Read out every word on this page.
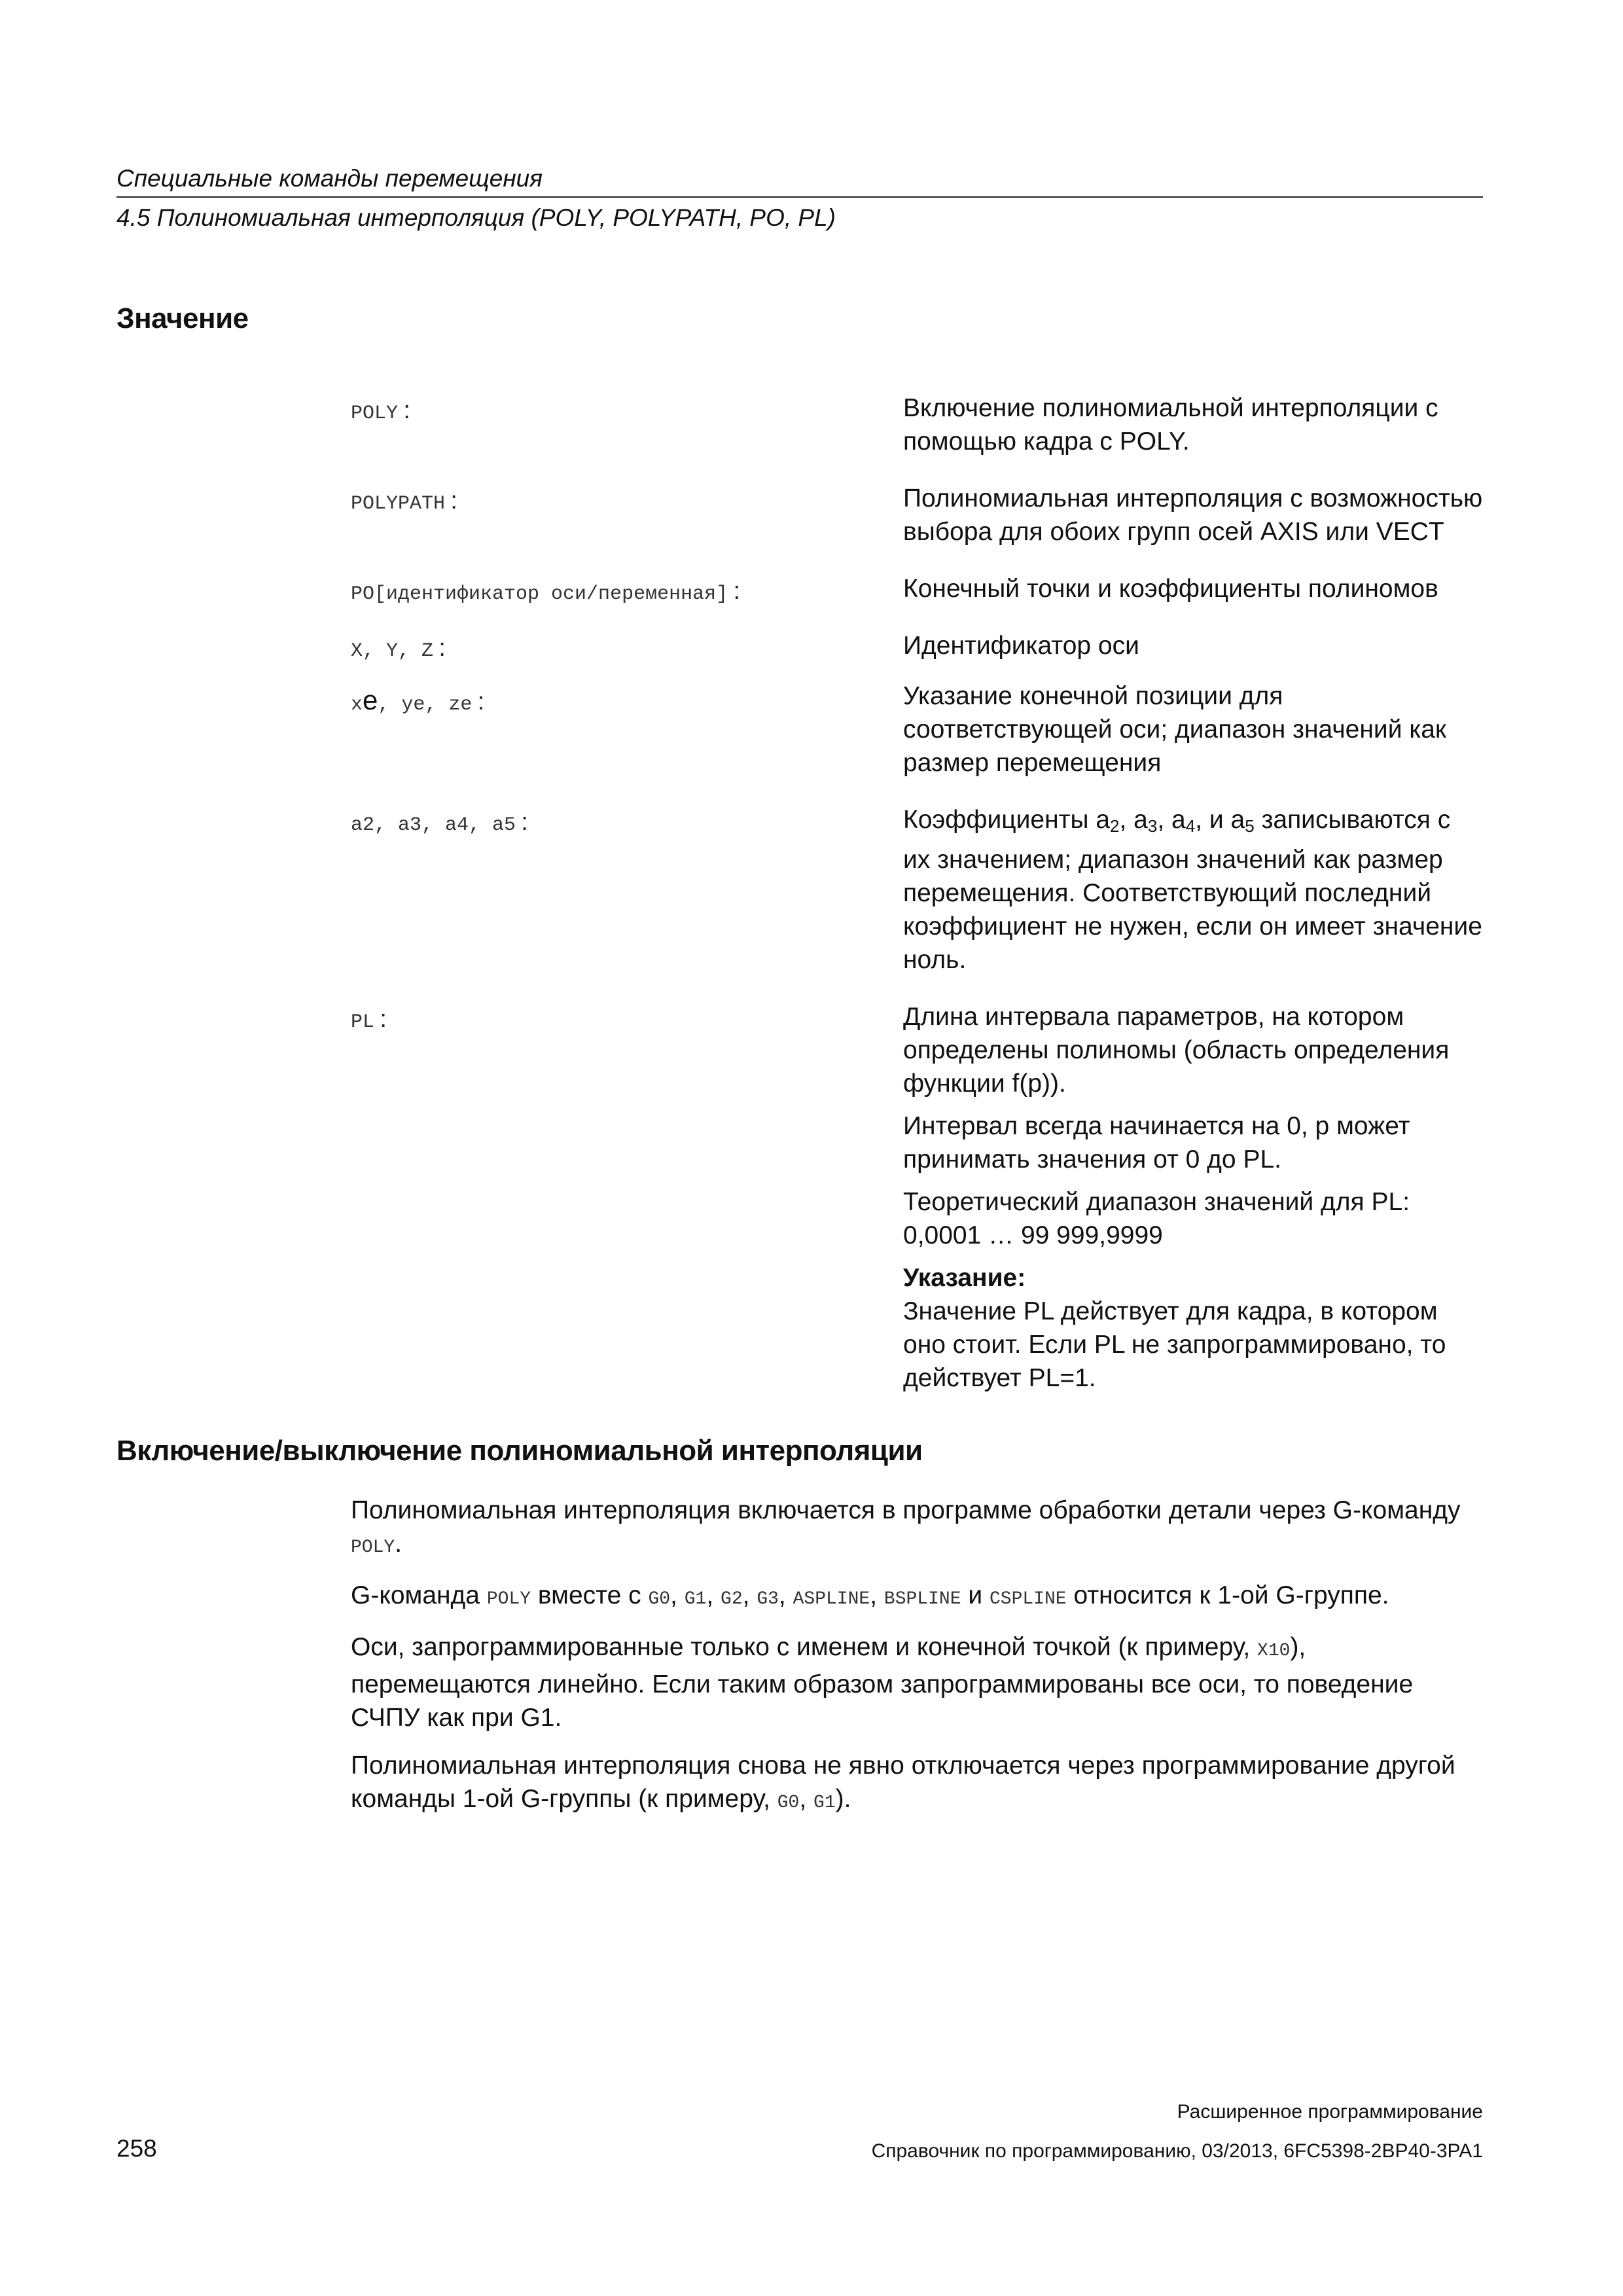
Специальные команды перемещения
4.5 Полиномиальная интерполяция (POLY, POLYPATH, PO, PL)
Значение
POLY :	Включение полиномиальной интерполяции с помощью кадра с POLY.

POLYPATH :	Полиномиальная интерполяция с возможностью выбора для обоих групп осей AXIS или VECT

PO[идентификатор оси/переменная] :	Конечный точки и коэффициенты полиномов

X, Y, Z :	Идентификатор оси

xe, ye, ze :	Указание конечной позиции для соответствующей оси; диапазон значений как размер перемещения

a2, a3, a4, a5 :	Коэффициенты $a_2$, $a_3$, $a_4$, и $a_5$ записываются с их значением; диапазон значений как размер перемещения. Соответствующий последний коэффициент не нужен, если он имеет значение ноль.

PL :	Длина интервала параметров, на котором определены полиномы (область определения функции f(p)).

Интервал всегда начинается на 0, p может принимать значения от 0 до PL.

Теоретический диапазон значений для PL: 0,0001 … 99 999,9999

Указание:

Значение PL действует для кадра, в котором оно стоит. Если PL не запрограммировано, то действует PL=1.

Включение/выключение полиномиальной интерполяции

Полиномиальная интерполяция включается в программе обработки детали через G-команду POLY.

G-команда POLY вместе с G0, G1, G2, G3, ASPLINE, BSPLINE и CSPLINE относится к 1-ой G-группе.

Оси, запрограммированные только с именем и конечной точкой (к примеру, X10), перемещаются линейно. Если таким образом запрограммированы все оси, то поведение СЧПУ как при G1.

Полиномиальная интерполяция снова не явно отключается через программирование другой команды 1-ой G-группы (к примеру, G0, G1).

Расширенное программирование
258	Справочник по программированию, 03/2013, 6FC5398-2BP40-3PA1
